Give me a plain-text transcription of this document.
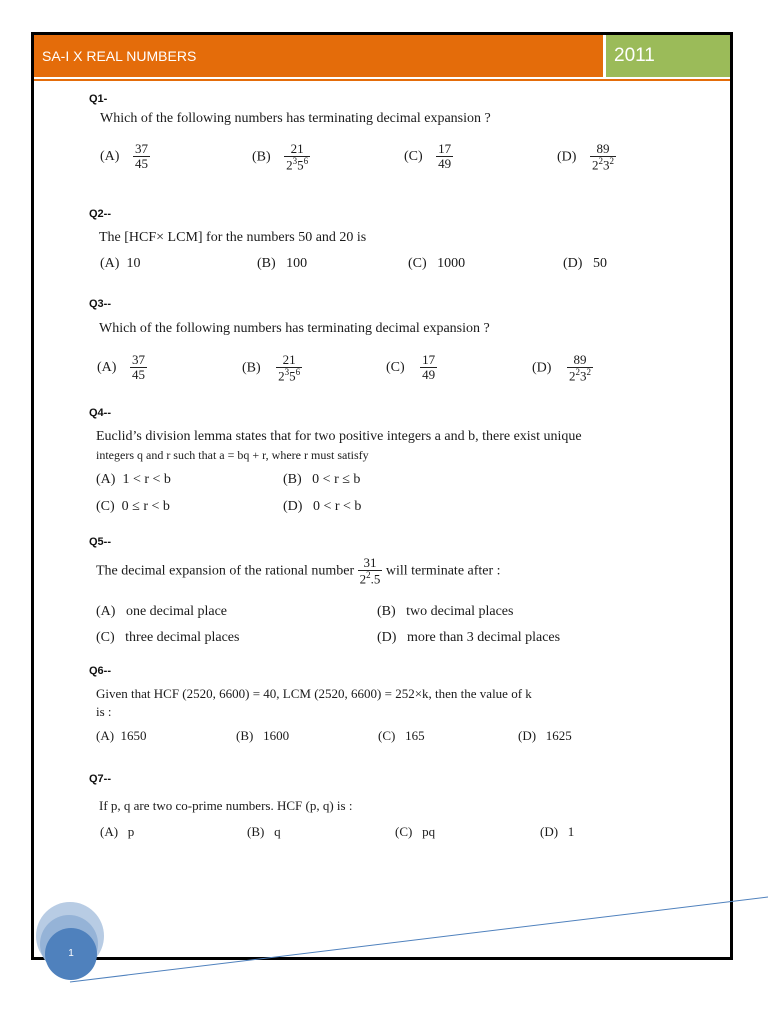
SA-I X REAL NUMBERS	2011
Q1-
Which of the following numbers has terminating decimal expansion ?
$(A) \frac{37}{45}$	$(B) \frac{21}{2^35^6}$	$(C) \frac{17}{49}$	$(D) \frac{89}{2^23^2}$
Q2--
The [HCF× LCM] for the numbers 50 and 20 is
(A) 10	(B) 100	(C) 1000	(D) 50
Q3--
Which of the following numbers has terminating decimal expansion ?
$(A) \frac{37}{45}$	$(B) \frac{21}{2^35^6}$	$(C) \frac{17}{49}$	$(D) \frac{89}{2^23^2}$
Q4--
Euclid’s division lemma states that for two positive integers a and b, there exist unique
integers q and r such that a = bq + r, where r must satisfy
(A) 1 < r < b	(B) 0 < r ≤ b
(C) 0 ≤ r < b	(D) 0 < r < b
Q5--
The decimal expansion of the rational number $\frac{31}{2^2.5}$ will terminate after :
(A) one decimal place	(B) two decimal places
(C) three decimal places	(D) more than 3 decimal places
Q6--
Given that HCF (2520, 6600) = 40, LCM (2520, 6600) = 252×k, then the value of k
is :
(A) 1650	(B) 1600	(C) 165	(D) 1625
Q7--
If p, q are two co-prime numbers. HCF (p, q) is :
(A) p	(B) q	(C) pq	(D) 1
1
